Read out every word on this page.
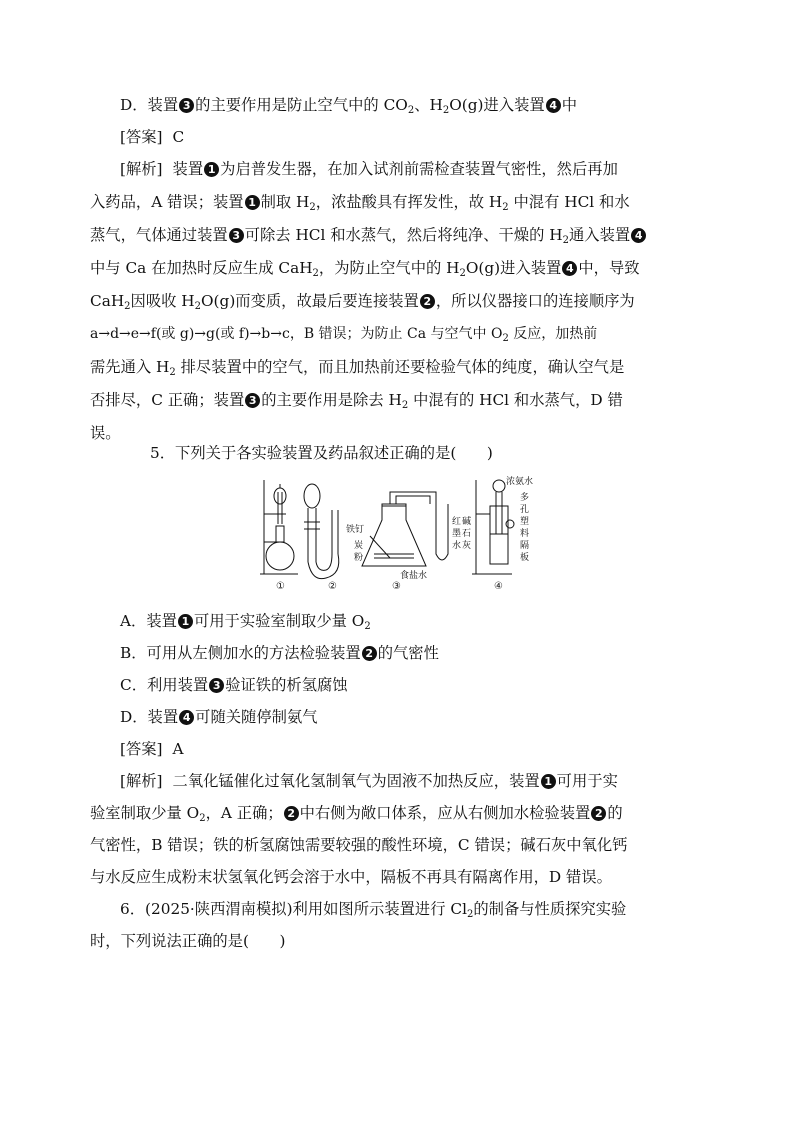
D．装置 3 的主要作用是防止空气中的 $CO_2$、$H_2O(g)$进入装置 4 中
[答案] C
[解析] 装置 1 为启普发生器，在加入试剂前需检查装置气密性，然后再加
入药品，A 错误；装置 1 制取 $H_2$，浓盐酸具有挥发性，故 $H_2$ 中混有 HCl 和水
蒸气，气体通过装置 3 可除去 HCl 和水蒸气，然后将纯净、干燥的 $H_2$通入装置 4
中与 Ca 在加热时反应生成 CaH$_2$，为防止空气中的 $H_2O(g)$进入装置 4 中，导致
CaH$_2$因吸收 $H_2O(g)$而变质，故最后要连接装置 2 ，所以仪器接口的连接顺序为
a→d→e→f(或 g)→g(或 f)→b→c，B 错误；为防止 Ca 与空气中 $O_2$ 反应，加热前
需先通入 $H_2$ 排尽装置中的空气，而且加热前还要检验气体的纯度，确认空气是
否排尽，C 正确；装置 3 的主要作用是除去 $H_2$ 中混有的 HCl 和水蒸气，D 错
误。
5．下列关于各实验装置及药品叙述正确的是(　　)
铁钉
炭
粉
食盐水
红
墨
水
浓氨水
碱
石
灰
多
孔
塑
料
隔
板
①	②	③	④
A．装置 1 可用于实验室制取少量 $O_2$
B．可用从左侧加水的方法检验装置 2 的气密性
C．利用装置 3 验证铁的析氢腐蚀
D．装置 4 可随关随停制氨气
[答案] A
[解析] 二氧化锰催化过氧化氢制氧气为固液不加热反应，装置 1 可用于实
验室制取少量 $O_2$，A 正确； 2 中右侧为敞口体系，应从右侧加水检验装置 2 的
气密性，B 错误；铁的析氢腐蚀需要较强的酸性环境，C 错误；碱石灰中氧化钙
与水反应生成粉末状氢氧化钙会溶于水中，隔板不再具有隔离作用，D 错误。
6．(2025·陕西渭南模拟)利用如图所示装置进行 $Cl_2$的制备与性质探究实验
时，下列说法正确的是(　　)
